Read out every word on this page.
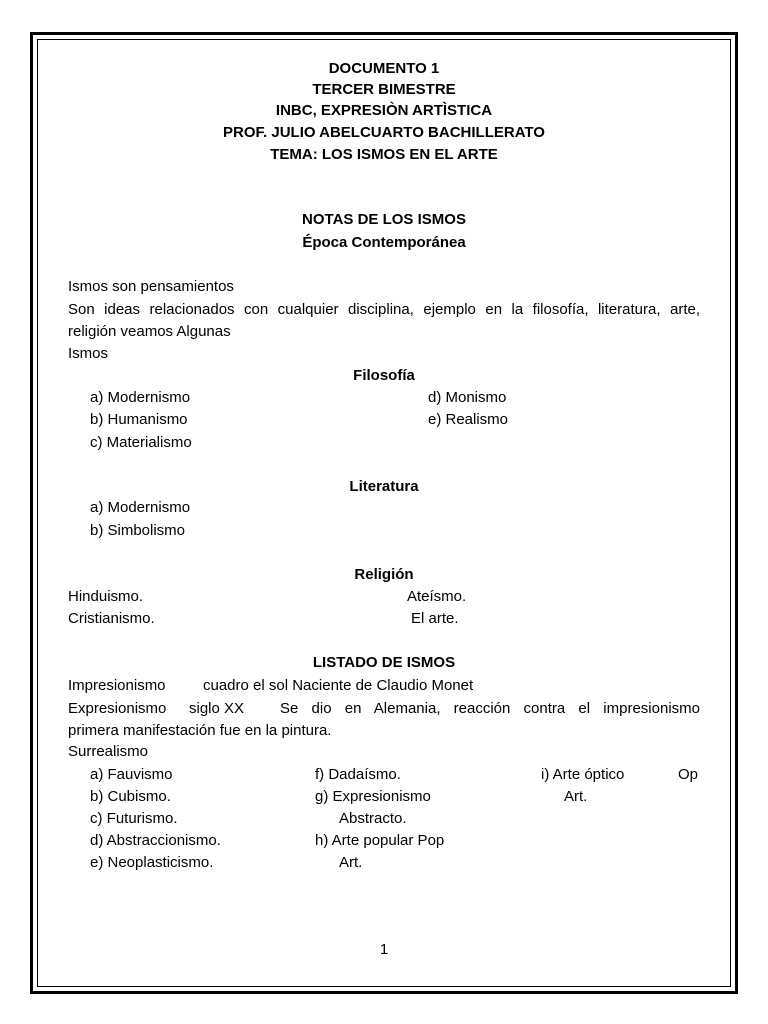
DOCUMENTO 1
TERCER BIMESTRE
INBC, EXPRESIÒN ARTÌSTICA
PROF. JULIO ABELCUARTO BACHILLERATO
TEMA: LOS ISMOS EN EL ARTE
NOTAS DE LOS ISMOS
Época Contemporánea
Ismos son pensamientos
Son ideas relacionados con cualquier disciplina, ejemplo en la filosofía, literatura, arte,
religión veamos Algunas
Ismos
Filosofía
a) Modernismo
b) Humanismo
c) Materialismo
d) Monismo
e) Realismo
Literatura
a) Modernismo
b) Simbolismo
Religión
Hinduismo.
Cristianismo.
Ateísmo.
El arte.
LISTADO DE ISMOS
Impresionismo cuadro el sol Naciente de Claudio Monet
Expresionismo siglo XX Se dio en Alemania, reacción contra el impresionismo
primera manifestación fue en la pintura.
Surrealismo
a) Fauvismo
b) Cubismo.
c) Futurismo.
d) Abstraccionismo.
e) Neoplasticismo.
f) Dadaísmo.
g) Expresionismo
Abstracto.
h) Arte popular Pop
Art.
i) Arte óptico	Op
Art.
1
